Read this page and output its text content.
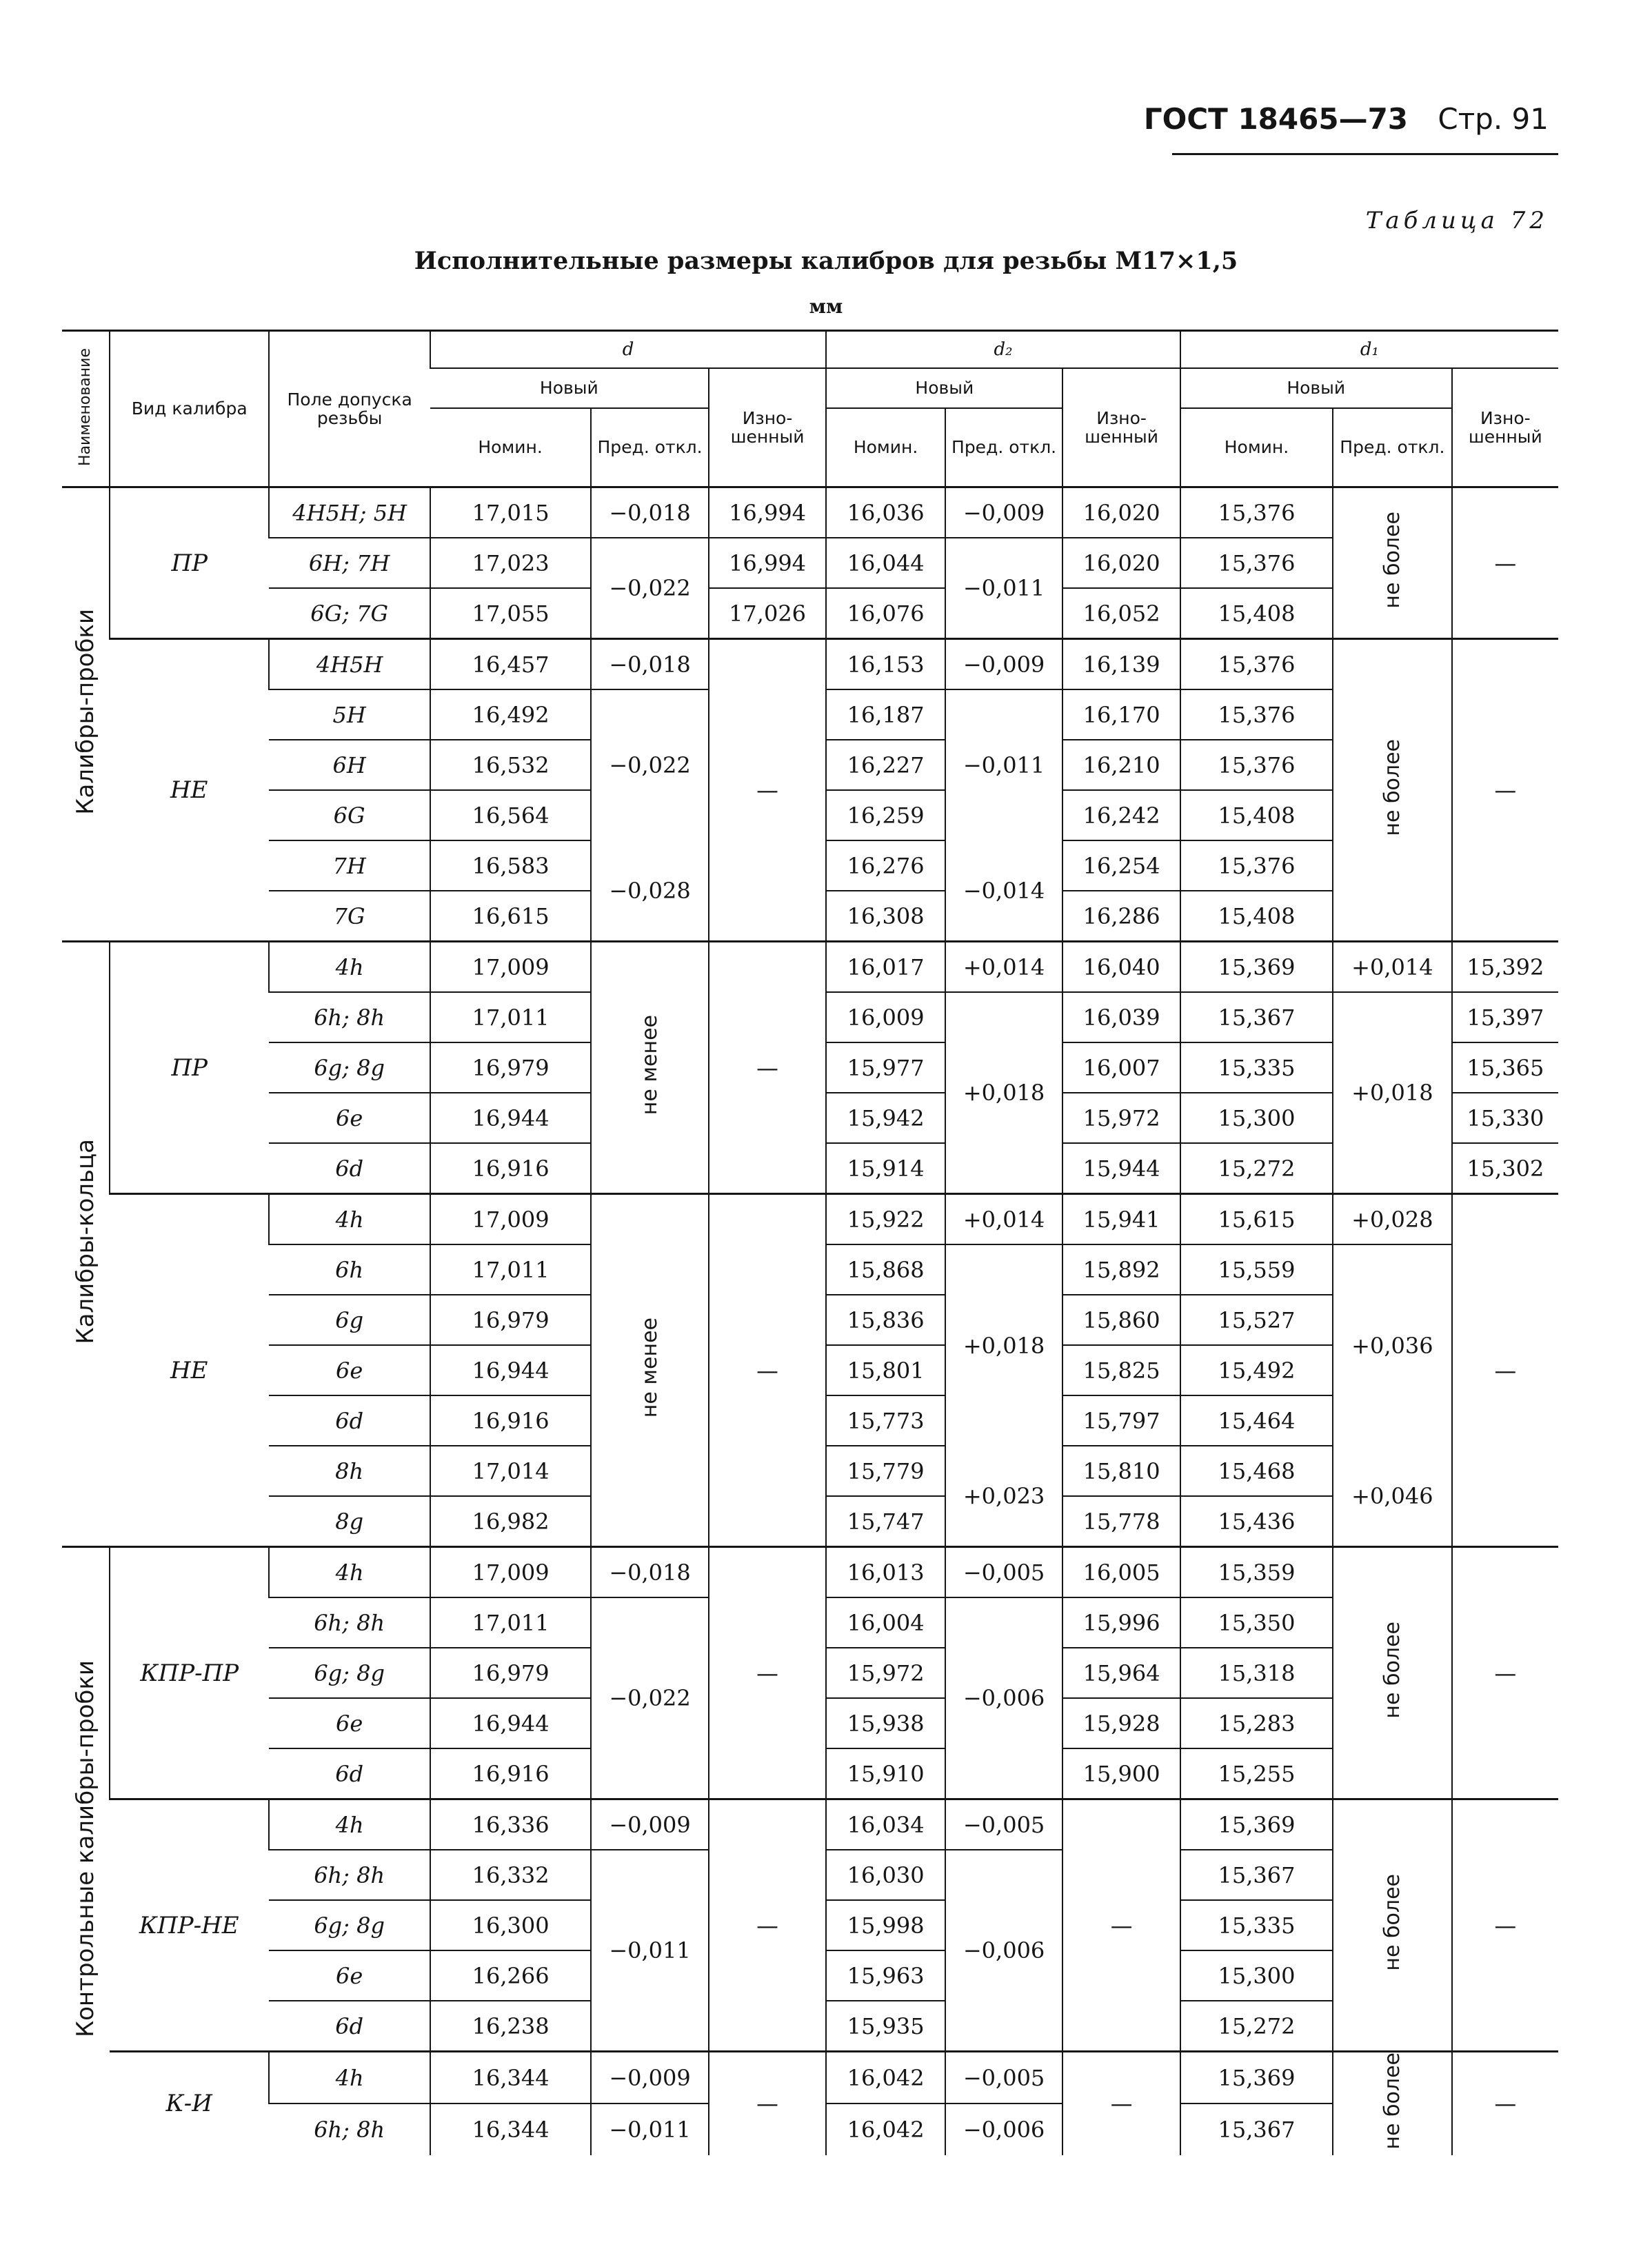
ГОСТ 18465—73 Стр. 91
Таблица 72
Исполнительные размеры калибров для резьбы М17×1,5
мм
Наименование	Вид калибра	Поле допуска резьбы	d			d₂			d₁		
			Новый		Изно-шенный	Новый		Изно-шенный	Новый		Изно-шенный
			Номин.	Пред. откл.		Номин.	Пред. откл.		Номин.	Пред. откл.	
Калибры-пробки	ПР	4H5H; 5H	17,015	−0,018	16,994	16,036	−0,009	16,020	15,376	не более	—
		6H; 7H	17,023	−0,022	16,994	16,044	−0,011	16,020	15,376		
		6G; 7G	17,055		17,026	16,076		16,052	15,408		
	НЕ	4H5H	16,457	−0,018	—	16,153	−0,009	16,139	15,376	не более	—
		5H	16,492	−0,022		16,187	−0,011	16,170	15,376		
		6H	16,532			16,227		16,210	15,376		
		6G	16,564			16,259		16,242	15,408		
		7H	16,583	−0,028		16,276	−0,014	16,254	15,376		
		7G	16,615			16,308		16,286	15,408		
Калибры-кольца	ПР	4h	17,009	не менее	—	16,017	+0,014	16,040	15,369	+0,014	15,392
		6h; 8h	17,011			16,009	+0,018	16,039	15,367	+0,018	15,397
		6g; 8g	16,979			15,977		16,007	15,335		15,365
		6e	16,944			15,942		15,972	15,300		15,330
		6d	16,916			15,914		15,944	15,272		15,302
	НЕ	4h	17,009	не менее	—	15,922	+0,014	15,941	15,615	+0,028	—
		6h	17,011			15,868	+0,018	15,892	15,559	+0,036	
		6g	16,979			15,836		15,860	15,527		
		6e	16,944			15,801		15,825	15,492		
		6d	16,916			15,773		15,797	15,464		
		8h	17,014			15,779	+0,023	15,810	15,468	+0,046	
		8g	16,982			15,747		15,778	15,436		
Контрольные калибры-пробки	КПР-ПР	4h	17,009	−0,018	—	16,013	−0,005	16,005	15,359	не более	—
		6h; 8h	17,011	−0,022		16,004	−0,006	15,996	15,350		
		6g; 8g	16,979			15,972		15,964	15,318		
		6e	16,944			15,938		15,928	15,283		
		6d	16,916			15,910		15,900	15,255		
	КПР-НЕ	4h	16,336	−0,009	—	16,034	−0,005	—	15,369	не более	—
		6h; 8h	16,332	−0,011		16,030	−0,006		15,367		
		6g; 8g	16,300			15,998			15,335		
		6e	16,266			15,963			15,300		
		6d	16,238			15,935			15,272		
	К-И	4h	16,344	−0,009	—	16,042	−0,005	—	15,369	не более	—
		6h; 8h	16,344	−0,011		16,042	−0,006		15,367		
